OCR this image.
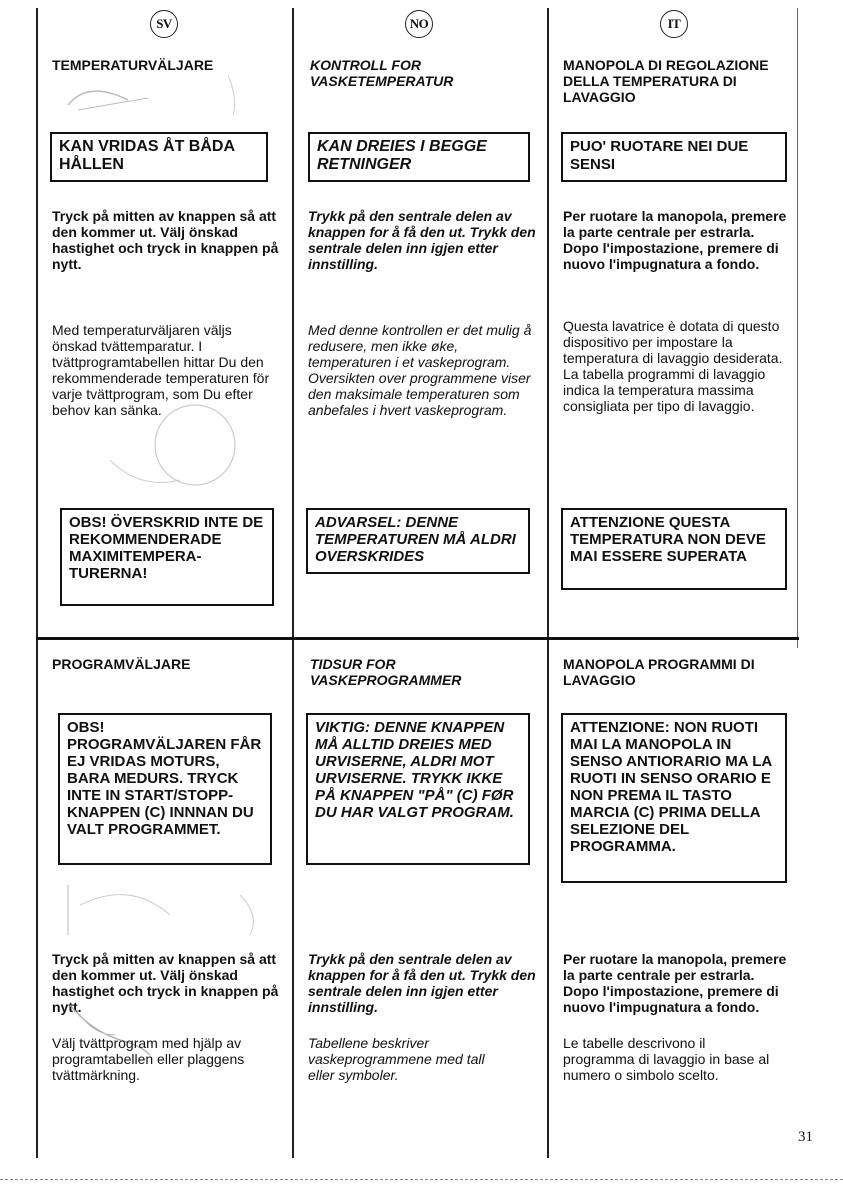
SV
TEMPERATURVÄLJARE
KAN VRIDAS ÅT BÅDA HÅLLEN
Tryck på mitten av knappen så att den kommer ut. Välj önskad hastighet och tryck in knappen på nytt.
Med temperaturväljaren väljs önskad tvättemparatur. I tvättprogramtabellen hittar Du den rekommenderade temperaturen för varje tvättprogram, som Du efter behov kan sänka.
OBS! ÖVERSKRID INTE DE REKOMMENDERADE MAXIMITEMPERA-TURERNA!
PROGRAMVÄLJARE
OBS! PROGRAMVÄLJAREN FÅR EJ VRIDAS MOTURS, BARA MEDURS. TRYCK INTE IN START/STOPP-KNAPPEN (C) INNNAN DU VALT PROGRAMMET.
Tryck på mitten av knappen så att den kommer ut. Välj önskad hastighet och tryck in knappen på nytt.
Välj tvättprogram med hjälp av programtabellen eller plaggens tvättmärkning.
NO
KONTROLL FOR VASKETEMPERATUR
KAN DREIES I BEGGE RETNINGER
Trykk på den sentrale delen av knappen for å få den ut. Trykk den sentrale delen inn igjen etter innstilling.
Med denne kontrollen er det mulig å redusere, men ikke øke, temperaturen i et vaskeprogram. Oversikten over programmene viser den maksimale temperaturen som anbefales i hvert vaskeprogram.
ADVARSEL: DENNE TEMPERATUREN MÅ ALDRI OVERSKRIDES
TIDSUR FOR VASKEPROGRAMMER
VIKTIG: DENNE KNAPPEN MÅ ALLTID DREIES MED URVISERNE, ALDRI MOT URVISERNE. TRYKK IKKE PÅ KNAPPEN "PÅ" (C) FØR DU HAR VALGT PROGRAM.
Trykk på den sentrale delen av knappen for å få den ut. Trykk den sentrale delen inn igjen etter innstilling.
Tabellene beskriver vaskeprogrammene med tall eller symboler.
IT
MANOPOLA DI REGOLAZIONE DELLA TEMPERATURA DI LAVAGGIO
PUO' RUOTARE NEI DUE SENSI
Per ruotare la manopola, premere la parte centrale per estrarla. Dopo l'impostazione, premere di nuovo l'impugnatura a fondo.
Questa lavatrice è dotata di questo dispositivo per impostare la temperatura di lavaggio desiderata. La tabella programmi di lavaggio indica la temperatura massima consigliata per tipo di lavaggio.
ATTENZIONE QUESTA TEMPERATURA NON DEVE MAI ESSERE SUPERATA
MANOPOLA PROGRAMMI DI LAVAGGIO
ATTENZIONE: NON RUOTI MAI LA MANOPOLA IN SENSO ANTIORARIO MA LA RUOTI IN SENSO ORARIO E NON PREMA IL TASTO MARCIA (C) PRIMA DELLA SELEZIONE DEL PROGRAMMA.
Per ruotare la manopola, premere la parte centrale per estrarla. Dopo l'impostazione, premere di nuovo l'impugnatura a fondo.
Le tabelle descrivono il programma di lavaggio in base al numero o simbolo scelto.
31
